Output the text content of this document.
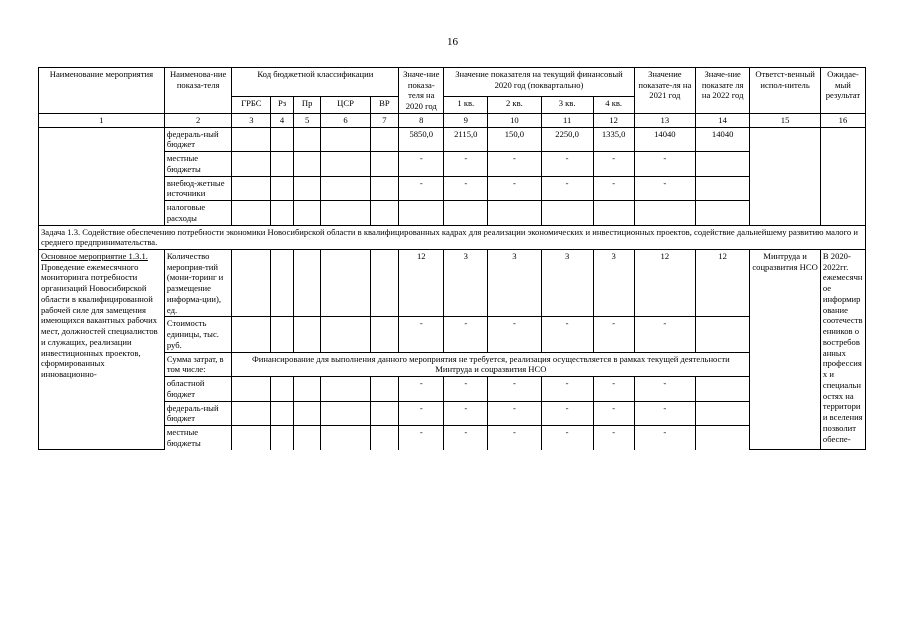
16
Наименование мероприятия	Наименова-ние показа-теля	Код бюджетной классификации					Значе-ние показа-теля на 2020 год	Значение показателя на текущий финансовый 2020 год (поквартально)				Значение показате-ля на 2021 год	Значе-ние показате ля на 2022 год	Ответст-венный испол-нитель	Ожидае-мый результат
		ГРБС	Рз	Пр	ЦСР	ВР		1 кв.	2 кв.	3 кв.	4 кв.				
1	2	3	4	5	6	7	8	9	10	11	12	13	14	15	16
	федераль-ный бюджет						5850,0	2115,0	150,0	2250,0	1335,0	14040	14040		
	местные бюджеты						-	-	-	-	-	-			
	внебюд-жетные источники						-	-	-	-	-	-			
	налоговые расходы														
Задача 1.3. Содействие обеспечению потребности экономики Новосибирской области в квалифицированных кадрах для реализации экономических и инвестиционных проектов, содействие дальнейшему развитию малого и среднего предпринимательства.															

Основное мероприятие 1.3.1.
Проведение ежемесячного мониторинга потребности организаций Новосибирской области в квалифицированной рабочей силе для замещения имеющихся вакантных рабочих мест, должностей специалистов и служащих, реализации инвестиционных проектов, сформированных инновационно-	Количество мероприя-тий (мони-торинг и размещение информа-ции), ед.						12	3	3	3	3	12	12	Минтруда и соцразвития НСО	В 2020-2022гг. ежемесячное информирование соотечественников о востребованных профессиях и специальностях на территории вселения позволит обеспе-
	Стоимость единицы, тыс. руб.						-	-	-	-	-	-			
	Сумма затрат, в том числе:	Финансирование для выполнения данного мероприятия не требуется, реализация осуществляется в рамках текущей деятельности Минтруда и соцразвития НСО													
	областной бюджет						-	-	-	-	-	-			
	федераль-ный бюджет						-	-	-	-	-	-			
	местные бюджеты						-	-	-	-	-	-			
